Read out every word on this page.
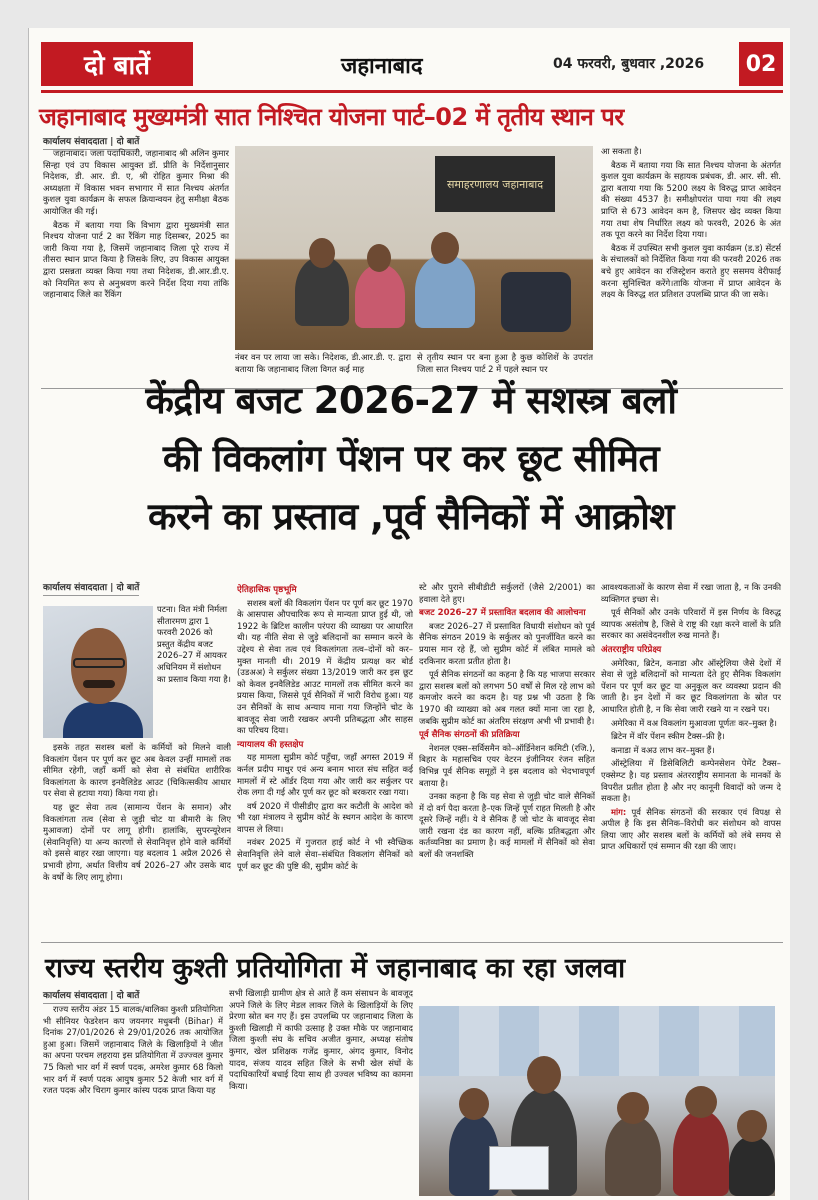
दो बातें	जहानाबाद	04 फरवरी, बुधवार ,2026	02
जहानाबाद मुख्यमंत्री सात निश्चित योजना पार्ट–02 में तृतीय स्थान पर
कार्यालय संवाददाता | दो बातें

जहानाबाद। जला पदाधिकारी, जहानाबाद श्री अलिन कुमार सिन्हा एवं उप विकास आयुक्त डॉ. प्रीति के निर्देशानुसार निदेशक, डी. आर. डी. ए, श्री रोहित कुमार मिश्रा की अध्यक्षता में विकास भवन सभागार में सात निश्चय अंतर्गत कुशल युवा कार्यक्रम के सफल क्रियान्वयन हेतु समीक्षा बैठक आयोजित की गई।

बैठक में बताया गया कि विभाग द्वारा मुख्यमंत्री सात निश्चय योजना पार्ट 2 का रैंकिंग माह दिसम्बर, 2025 का जारी किया गया है, जिसमें जहानाबाद जिला पूरे राज्य में तीसरा स्थान प्राप्त किया है जिसके लिए, उप विकास आयुक्त द्वारा प्रसन्नता व्यक्त किया गया तथा निदेशक, डी.आर.डी.ए. को नियमित रूप से अनुश्रवण करने निर्देश दिया गया तांकि जहानाबाद जिले का रैंकिंग

समाहरणालय जहानाबाद

नंबर वन पर लाया जा सके। निदेशक, डी.आर.डी. ए. द्वारा बताया कि जहानाबाद जिला विगत कई माह

से तृतीय स्थान पर बना हुआ है कुछ कोशिशें के उपरांत जिला सात निश्चय पार्ट 2 में पहले स्थान पर

आ सकता है।

बैठक में बताया गया कि सात निश्चय योजना के अंतर्गत कुशल युवा कार्यक्रम के सहायक प्रबंधक, डी. आर. सी. सी. द्वारा बताया गया कि 5200 लक्ष्य के विरुद्ध प्राप्त आवेदन की संख्या 4537 है। समीक्षोपरांत पाया गया की लक्ष्य प्राप्ति से 673 आवेदन कम है, जिसपर खेद व्यक्त किया गया तथा शेष निर्धारित लक्ष्य को फरवरी, 2026 के अंत तक पूरा करने का निर्देश दिया गया।

बैठक में उपस्थित सभी कुशल युवा कार्यक्रम (ड.ड) सेंटर्स के संचालकों को निर्देशित किया गया की फरवरी 2026 तक बचे हुए आवेदन का रजिस्ट्रेशन कराते हुए ससमय वेरीफाई करना सुनिश्चित करेंगे।ताकि योजना में प्राप्त आवेदन के लक्ष्य के विरुद्ध शत प्रतिशत उपलब्धि प्राप्त की जा सके।

केंद्रीय बजट 2026-27 में सशस्त्र बलों
की विकलांग पेंशन पर कर छूट सीमित
करने का प्रस्ताव ,पूर्व सैनिकों में आक्रोश
कार्यालय संवाददाता | दो बातें

पटना। वित मंत्री निर्मला सीतारमण द्वारा 1 फरवरी 2026 को प्रस्तुत केंद्रीय बजट 2026–27 में आयकर अधिनियम में संशोधन का प्रस्ताव किया गया है।

इसके तहत सशस्त्र बलों के कर्मियों को मिलने वाली विकलांग पेंशन पर पूर्ण कर छूट अब केवल उन्हीं मामलों तक सीमित रहेगी, जहाँ कर्मी को सेवा से संबंधित शारीरिक विकलांगता के कारण इनवैलिडेड आउट (चिकित्सकीय आधार पर सेवा से हटाया गया) किया गया हो।

यह छूट सेवा तत्व (सामान्य पेंशन के समान) और विकलांगता तत्व (सेवा से जुड़ी चोट या बीमारी के लिए मुआवजा) दोनों पर लागू होगी। हालांकि, सुपरन्यूरेशन (सेवानिवृत्ति) या अन्य कारणों से सेवानिवृत्त होने वाले कर्मियों को इससे बाहर रखा जाएगा। यह बदलाव 1 अप्रैल 2026 से प्रभावी होगा, अर्थात वित्तीय वर्ष 2026–27 और उसके बाद के वर्षों के लिए लागू होगा।

ऐतिहासिक पृष्ठभूमि

सशस्त्र बलों की विकलांग पेंशन पर पूर्ण कर छूट 1970 के आसपास औपचारिक रूप से मान्यता प्राप्त हुई थी, जो 1922 के ब्रिटिश कालीन परंपरा की व्याख्या पर आधारित थी। यह नीति सेवा से जुड़े बलिदानों का सम्मान करने के उद्देश्य से सेवा तत्व एवं विकलांगता तत्व–दोनों को कर–मुक्त मानती थी। 2019 में केंद्रीय प्रत्यक्ष कर बोर्ड (उडअअ) ने सर्कुलर संख्या 13/2019 जारी कर इस छूट को केवल इनवैलिडेड आउट मामलों तक सीमित करने का प्रयास किया, जिससे पूर्व सैनिकों में भारी विरोध हुआ। यह उन सैनिकों के साथ अन्याय माना गया जिन्होंने चोट के बावजूद सेवा जारी रखकर अपनी प्रतिबद्धता और साहस का परिचय दिया।

न्यायालय की हस्तक्षेप

यह मामला सुप्रीम कोर्ट पहुँचा, जहाँ अगस्त 2019 में कर्नल प्रदीप माथुर एवं अन्य बनाम भारत संघ सहित कई मामलों में स्टे ऑर्डर दिया गया और जारी कर सर्कुलर पर रोक लगा दी गई और पूर्ण कर छूट को बरकरार रखा गया।

वर्ष 2020 में पीसीडीए द्वारा कर कटौती के आदेश को भी रक्षा मंत्रालय ने सुप्रीम कोर्ट के स्थगन आदेश के कारण वापस ले लिया।

नवंबर 2025 में गुजरात हाई कोर्ट ने भी स्वैच्छिक सेवानिवृत्ति लेने वाले सेवा–संबंधित विकलांग सैनिकों को पूर्ण कर छूट की पुष्टि की, सुप्रीम कोर्ट के

स्टे और पुराने सीबीडीटी सर्कुलरों (जैसे 2/2001) का हवाला देते हुए।

बजट 2026–27 में प्रस्तावित बदलाव की आलोचना

बजट 2026–27 में प्रस्तावित विधायी संशोधन को पूर्व सैनिक संगठन 2019 के सर्कुलर को पुनर्जीवित करने का प्रयास मान रहे हैं, जो सुप्रीम कोर्ट में लंबित मामले को दरकिनार करता प्रतीत होता है।

पूर्व सैनिक संगठनों का कहना है कि यह भाजपा सरकार द्वारा सशस्त्र बलों को लगभग 50 वर्षों से मिल रहे लाभ को कमजोर करने का कदम है। यह प्रश्न भी उठता है कि 1970 की व्याख्या को अब गलत क्यों माना जा रहा है, जबकि सुप्रीम कोर्ट का अंतरिम संरक्षण अभी भी प्रभावी है।

पूर्व सैनिक संगठनों की प्रतिक्रिया

नेशनल एक्स–सर्विसमैन को–ऑर्डिनेशन कमिटी (रजि.), बिहार के महासचिव एयर वेटरन इंजीनियर रंजन सहित विभिन्न पूर्व सैनिक समूहों ने इस बदलाव को भेदभावपूर्ण बताया है।

उनका कहना है कि यह सेवा से जुड़ी चोट वाले सैनिकों में दो वर्ग पैदा करता है–एक जिन्हें पूर्ण राहत मिलती है और दूसरे जिन्हें नहीं। ये वे सैनिक हैं जो चोट के बावजूद सेवा जारी रखना दंड का कारण नहीं, बल्कि प्रतिबद्धता और कर्तव्यनिष्ठा का प्रमाण है। कई मामलों में सैनिकों को सेवा बलों की जनशक्ति

आवश्यकताओं के कारण सेवा में रखा जाता है, न कि उनकी व्यक्तिगत इच्छा से।

पूर्व सैनिकों और उनके परिवारों में इस निर्णय के विरुद्ध व्यापक असंतोष है, जिसे वे राष्ट्र की रक्षा करने वालों के प्रति सरकार का असंवेदनशील रुख मानते हैं।

अंतरराष्ट्रीय परिप्रेक्ष्य

अमेरिका, ब्रिटेन, कनाडा और ऑस्ट्रेलिया जैसे देशों में सेवा से जुड़े बलिदानों को मान्यता देते हुए सैनिक विकलांग पेंशन पर पूर्ण कर छूट या अनुकूल कर व्यवस्था प्रदान की जाती है। इन देशों में कर छूट विकलांगता के स्रोत पर आधारित होती है, न कि सेवा जारी रखने या न रखने पर।

अमेरिका में वअ विकलांग मुआवजा पूर्णतः कर–मुक्त है।

ब्रिटेन में वॉर पेंशन स्कीम टैक्स–फ्री है।

कनाडा में वअउ लाभ कर–मुक्त हैं।

ऑस्ट्रेलिया में डिसेबिलिटी कम्पेनसेशन पेमेंट टैक्स–एक्सेम्प्ट है। यह प्रस्ताव अंतरराष्ट्रीय समानता के मानकों के विपरीत प्रतीत होता है और नए कानूनी विवादों को जन्म दे सकता है।

मांग: पूर्व सैनिक संगठनों की सरकार एवं विपक्ष से अपील है कि इस सैनिक–विरोधी कर संशोधन को वापस लिया जाए और सशस्त्र बलों के कर्मियों को लंबे समय से प्राप्त अधिकारों एवं सम्मान की रक्षा की जाए।

राज्य स्तरीय कुश्ती प्रतियोगिता में जहानाबाद का रहा जलवा
कार्यालय संवाददाता | दो बातें

राज्य स्तरीय अंडर 15 बालक/बालिका कुश्ती प्रतियोगिता भी सीनियर फेडरेशन कप जयनगर मधुबनी (Bihar) में दिनांक 27/01/2026 से 29/01/2026 तक आयोजित हुआ हुआ। जिसमें जहानाबाद जिले के खिलाड़ियों ने जीत का अपना परचम लहराया इस प्रतियोगिता में उज्ज्वल कुमार 75 किलो भार वर्ग में स्वर्ण पदक, अमरेश कुमार 68 किलो भार वर्ग में स्वर्ण पदक आयुष कुमार 52 केजी भार वर्ग में रजत पदक और चिराग कुमार कांस्य पदक प्राप्त किया यह

सभी खिलाड़ी ग्रामीण क्षेत्र से आते हैं कम संसाधन के बावजूद अपने जिले के लिए मेडल लाकर जिले के खिलाड़ियों के लिए प्रेरणा स्रोत बन गए हैं। इस उपलब्धि पर जहानाबाद जिला के कुश्ती खिलाड़ी में काफी उत्साह है उक्त मौके पर जहानाबाद जिला कुश्ती संघ के सचिव अजीत कुमार, अध्यक्ष संतोष कुमार, खेल प्रशिक्षक गजेंद्र कुमार, अंगद कुमार, विनोद यादव, संजय यादव सहित जिले के सभी खेल संघों के पदाधिकारियों बधाई दिया साथ ही उज्वल भविष्य का कामना किया।
